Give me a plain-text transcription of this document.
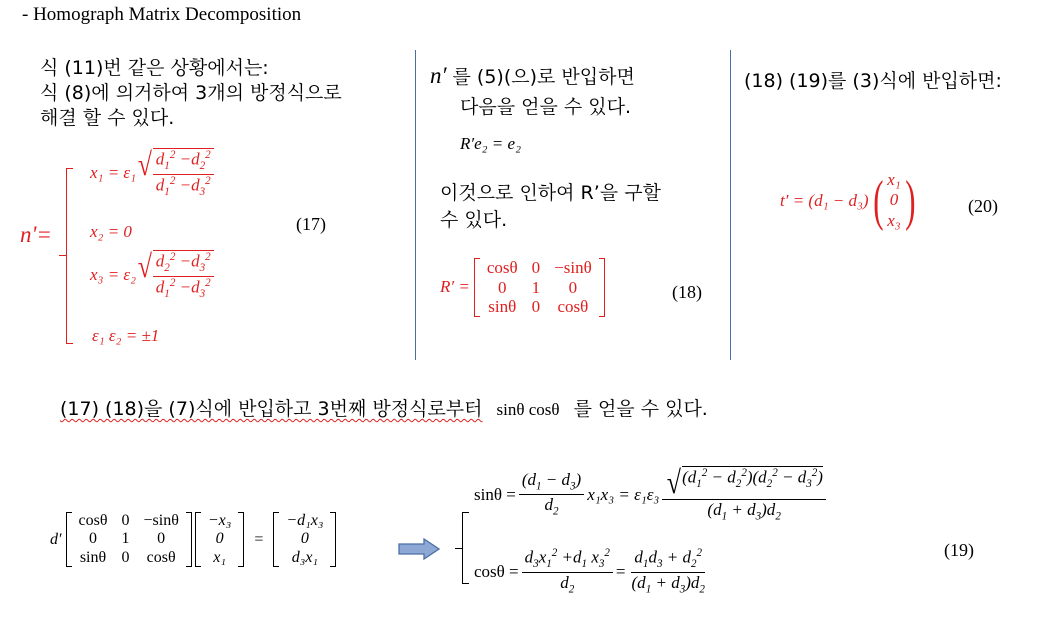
- Homograph Matrix Decomposition
식 (11)번 같은 상황에서는:
식 (8)에 의거하여 3개의 방정식으로
해결 할 수 있다.
n'=
x₁ = ε₁ √ $\frac{d_1^2 -d_2^2}{d_1^2 -d_3^2}$
x₂ = 0
x₃ = ε₂ √ $\frac{d_2^2 -d_3^2}{d_1^2 -d_3^2}$
ε₁ ε₂ = ±1
(17)
n′ 를 (5)(으)로 반입하면
다음을 얻을 수 있다.
R′e₂ = e₂
이것으로 인하여 R’을 구할
수 있다.
R′ =
cosθ	0	−sinθ
0	1	0
sinθ	0	cosθ
(18)
(18) (19)를 (3)식에 반입하면:
t′ = (d₁ − d₃) ( x₁
0
x₃ )	(20)
(17) (18)을 (7)식에 반입하고 3번째 방정식로부터 sinθ cosθ 를 얻을 수 있다.
d′
cosθ	0	−sinθ
0	1	0
sinθ	0	cosθ
−x₃
0
x₁
=
−d₁x₃
0
d₃x₁
$\sin\theta = \frac{(d_1 - d_3)}{d_2} x_1x_3 = \varepsilon_1\varepsilon_3 \frac{√ (d_1^2 - d_2^2)(d_2^2 - d_3^2)}{(d_1 + d_3)d_2}$
$\cos\theta = \frac{d_3x_1^2 +d_1 x_3^2}{d_2} = \frac{d_1d_3 + d_2^2}{(d_1 + d_3)d_2}$	(19)
